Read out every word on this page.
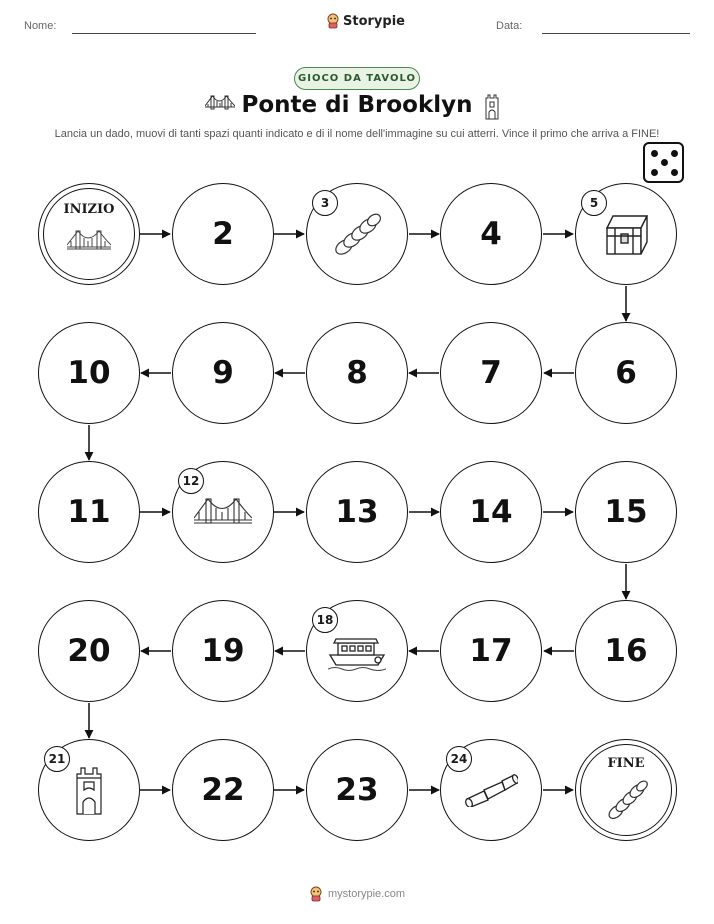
Nome:	Storypie	Data:
GIOCO DA TAVOLO
Ponte di Brooklyn
Lancia un dado, muovi di tanti spazi quanti indicato e di il nome dell'immagine su cui atterri. Vince il primo che arriva a FINE!
INIZIO
2
3
4
5
6
7
8
9
10
11
12
13	14	15
16
17
18
19
20
21
22	23
24	FINE
mystorypie.com
